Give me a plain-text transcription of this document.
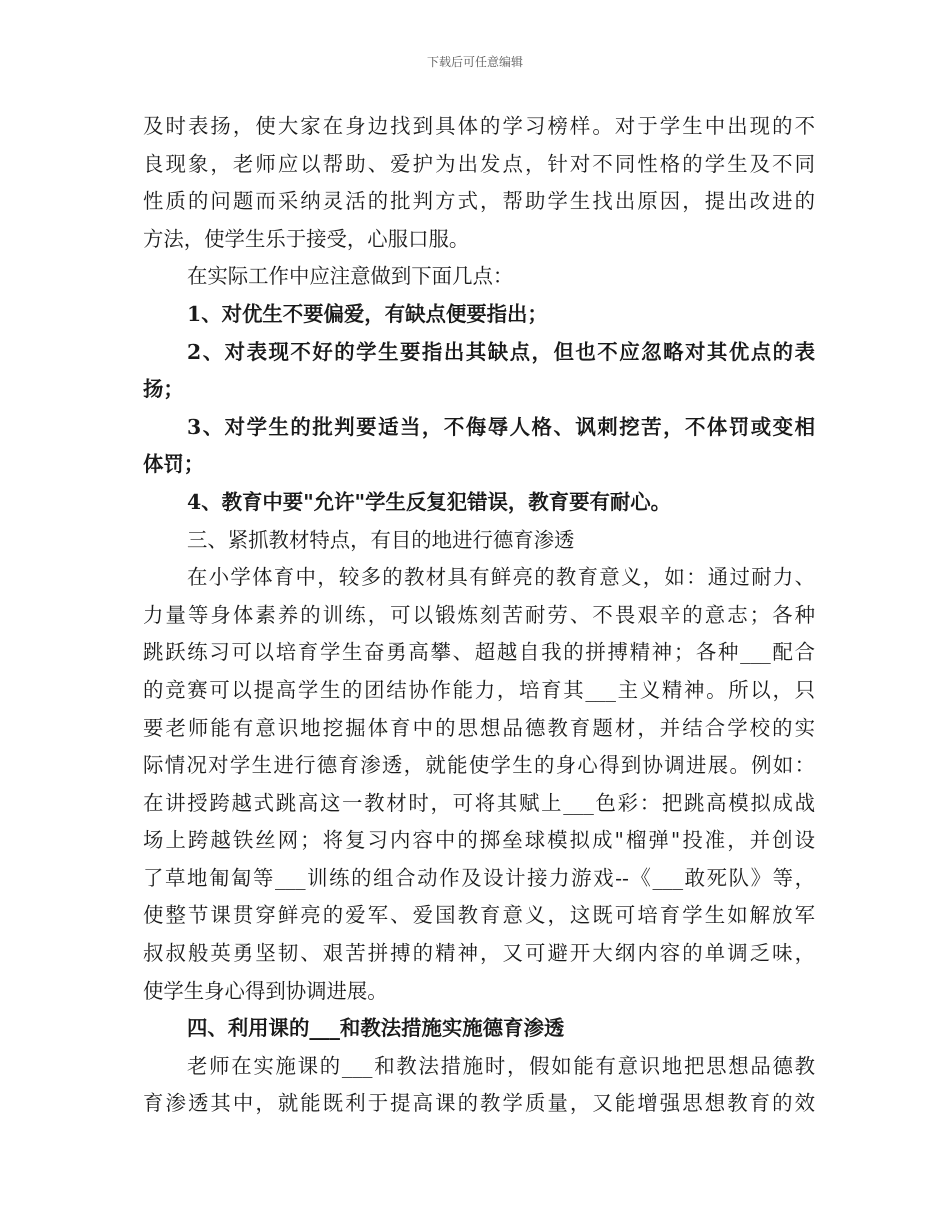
下载后可任意编辑
及时表扬，使大家在身边找到具体的学习榜样。对于学生中出现的不
良现象，老师应以帮助、爱护为出发点，针对不同性格的学生及不同
性质的问题而采纳灵活的批判方式，帮助学生找出原因，提出改进的
方法，使学生乐于接受，心服口服。
在实际工作中应注意做到下面几点：
1、对优生不要偏爱，有缺点便要指出；
2、对表现不好的学生要指出其缺点，但也不应忽略对其优点的表
扬；
3、对学生的批判要适当，不侮辱人格、讽刺挖苦，不体罚或变相
体罚；
4、教育中要"允许"学生反复犯错误，教育要有耐心。
三、紧抓教材特点，有目的地进行德育渗透
在小学体育中，较多的教材具有鲜亮的教育意义，如：通过耐力、
力量等身体素养的训练，可以锻炼刻苦耐劳、不畏艰辛的意志；各种
跳跃练习可以培育学生奋勇高攀、超越自我的拼搏精神；各种___配合
的竞赛可以提高学生的团结协作能力，培育其___主义精神。所以，只
要老师能有意识地挖掘体育中的思想品德教育题材，并结合学校的实
际情况对学生进行德育渗透，就能使学生的身心得到协调进展。例如：
在讲授跨越式跳高这一教材时，可将其赋上___色彩：把跳高模拟成战
场上跨越铁丝网；将复习内容中的掷垒球模拟成"榴弹"投准，并创设
了草地匍匐等___训练的组合动作及设计接力游戏--《___敢死队》等，
使整节课贯穿鲜亮的爱军、爱国教育意义，这既可培育学生如解放军
叔叔般英勇坚韧、艰苦拼搏的精神，又可避开大纲内容的单调乏味，
使学生身心得到协调进展。
四、利用课的___和教法措施实施德育渗透
老师在实施课的___和教法措施时，假如能有意识地把思想品德教
育渗透其中，就能既利于提高课的教学质量，又能增强思想教育的效
